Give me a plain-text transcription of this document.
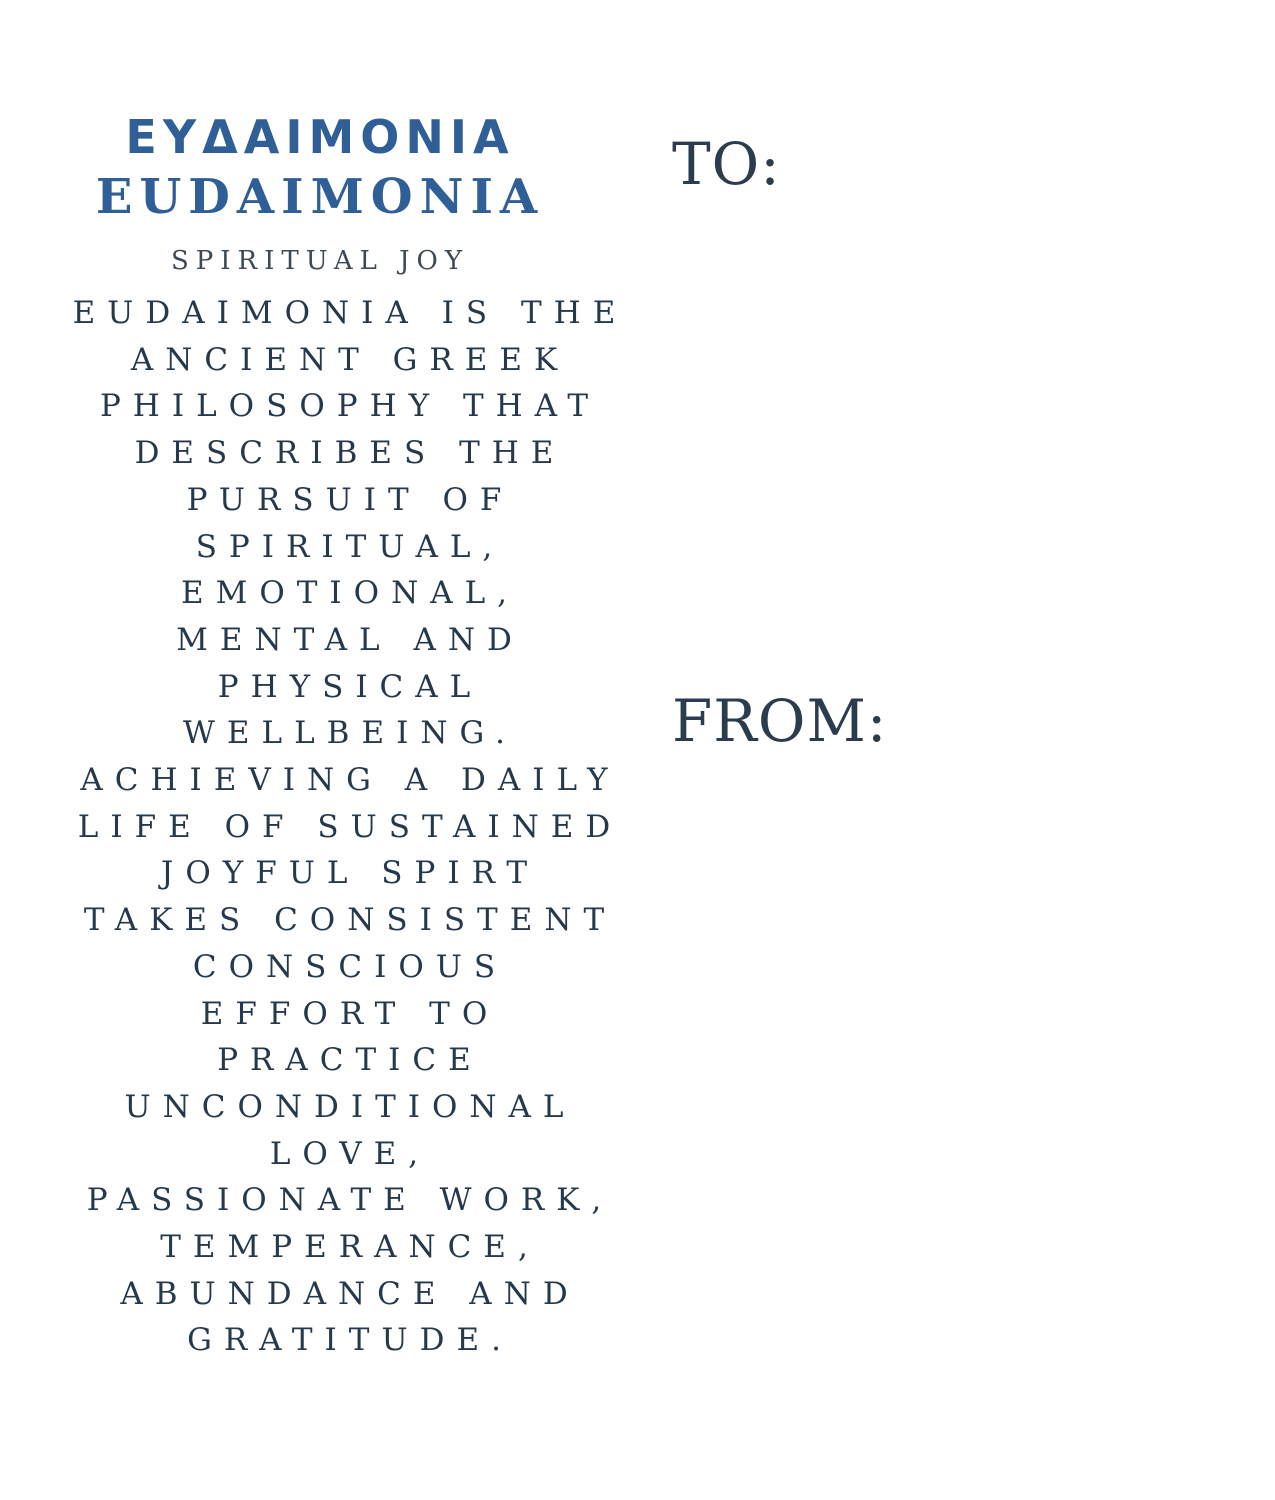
ΕΥΔΑΙΜΟΝΙΑ
EUDAIMONIA
SPIRITUAL JOY
EUDAIMONIA IS THE
ANCIENT GREEK
PHILOSOPHY THAT
DESCRIBES THE
PURSUIT OF
SPIRITUAL,
EMOTIONAL,
MENTAL AND
PHYSICAL
WELLBEING.
ACHIEVING A DAILY
LIFE OF SUSTAINED
JOYFUL SPIRT
TAKES CONSISTENT
CONSCIOUS
EFFORT TO
PRACTICE
UNCONDITIONAL
LOVE,
PASSIONATE WORK,
TEMPERANCE,
ABUNDANCE AND
GRATITUDE.
TO:
FROM:
